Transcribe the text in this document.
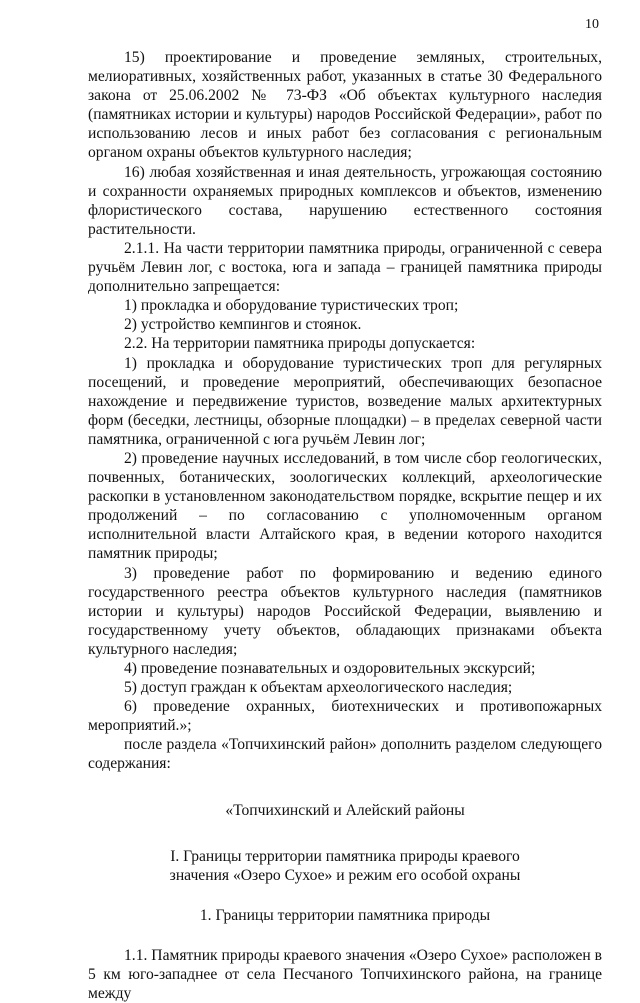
10

15) проектирование и проведение земляных, строительных, мелиоративных, хозяйственных работ, указанных в статье 30 Федерального закона от 25.06.2002 № 73-ФЗ «Об объектах культурного наследия (памятниках истории и культуры) народов Российской Федерации», работ по использованию лесов и иных работ без согласования с региональным органом охраны объектов культурного наследия;

16) любая хозяйственная и иная деятельность, угрожающая состоянию и сохранности охраняемых природных комплексов и объектов, изменению флористического состава, нарушению естественного состояния растительности.

2.1.1. На части территории памятника природы, ограниченной с севера ручьём Левин лог, с востока, юга и запада – границей памятника природы дополнительно запрещается:

1) прокладка и оборудование туристических троп;

2) устройство кемпингов и стоянок.

2.2. На территории памятника природы допускается:

1) прокладка и оборудование туристических троп для регулярных посещений, и проведение мероприятий, обеспечивающих безопасное нахождение и передвижение туристов, возведение малых архитектурных форм (беседки, лестницы, обзорные площадки) – в пределах северной части памятника, ограниченной с юга ручьём Левин лог;

2) проведение научных исследований, в том числе сбор геологических, почвенных, ботанических, зоологических коллекций, археологические раскопки в установленном законодательством порядке, вскрытие пещер и их продолжений – по согласованию с уполномоченным органом исполнительной власти Алтайского края, в ведении которого находится памятник природы;

3) проведение работ по формированию и ведению единого государственного реестра объектов культурного наследия (памятников истории и культуры) народов Российской Федерации, выявлению и государственному учету объектов, обладающих признаками объекта культурного наследия;

4) проведение познавательных и оздоровительных экскурсий;

5) доступ граждан к объектам археологического наследия;

6) проведение охранных, биотехнических и противопожарных мероприятий.»;

после раздела «Топчихинский район» дополнить разделом следующего содержания:

«Топчихинский и Алейский районы

I. Границы территории памятника природы краевого

значения «Озеро Сухое» и режим его особой охраны

1. Границы территории памятника природы

1.1. Памятник природы краевого значения «Озеро Сухое» расположен в 5 км юго-западнее от села Песчаного Топчихинского района, на границе между
